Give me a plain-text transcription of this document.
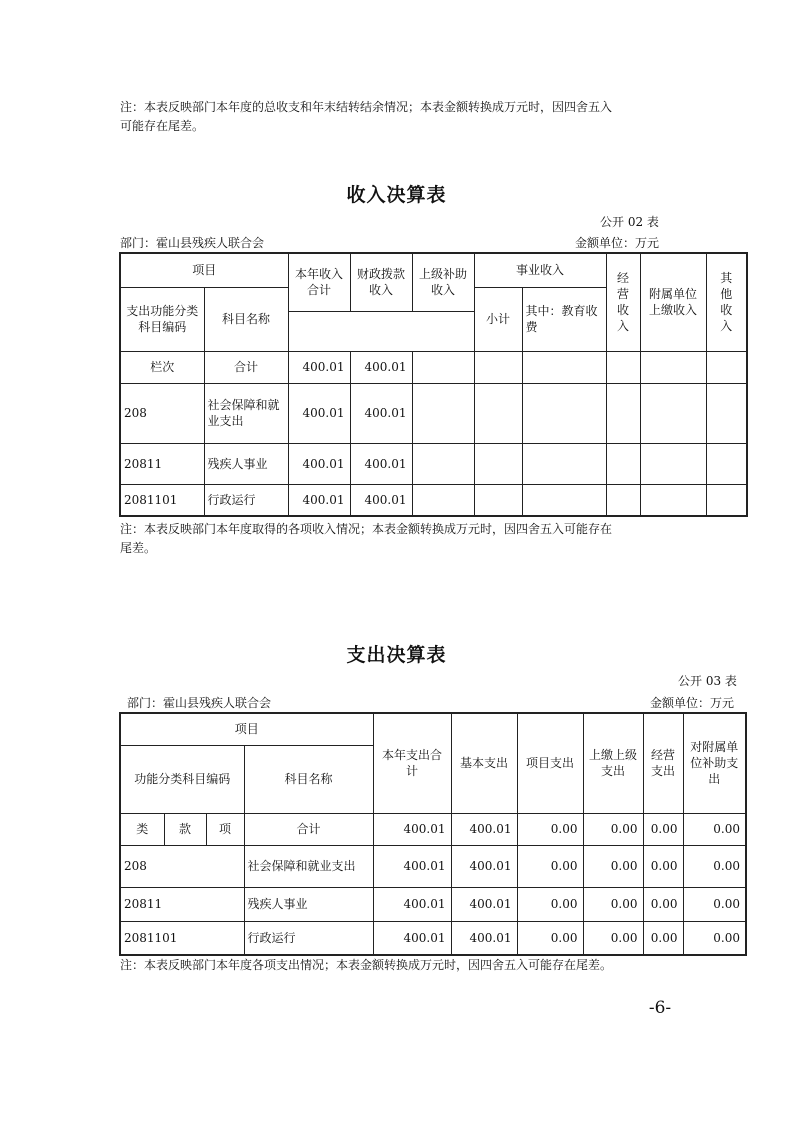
注：本表反映部门本年度的总收支和年末结转结余情况；本表金额转换成万元时，因四舍五入
可能存在尾差。
收入决算表
公开 02 表
部门：霍山县残疾人联合会	金额单位：万元
项目		本年收入合计	财政拨款收入	上级补助收入	事业收入		经营收入	附属单位上缴收入	其他收入
支出功能分类科目编码	科目名称				小计	其中：教育收费			

栏次	合计	400.01	400.01						
208	社会保障和就业支出	400.01	400.01						
20811	残疾人事业	400.01	400.01						
2081101	行政运行	400.01	400.01						
注：本表反映部门本年度取得的各项收入情况；本表金额转换成万元时，因四舍五入可能存在
尾差。
支出决算表
公开 03 表
部门：霍山县残疾人联合会	金额单位：万元
项目				本年支出合计	基本支出	项目支出	上缴上级支出	经营支出	对附属单位补助支出
功能分类科目编码			科目名称						
类	款	项	合计	400.01	400.01	0.00	0.00	0.00	0.00
208			社会保障和就业支出	400.01	400.01	0.00	0.00	0.00	0.00
20811			残疾人事业	400.01	400.01	0.00	0.00	0.00	0.00
2081101			行政运行	400.01	400.01	0.00	0.00	0.00	0.00
注：本表反映部门本年度各项支出情况；本表金额转换成万元时，因四舍五入可能存在尾差。
-6-
